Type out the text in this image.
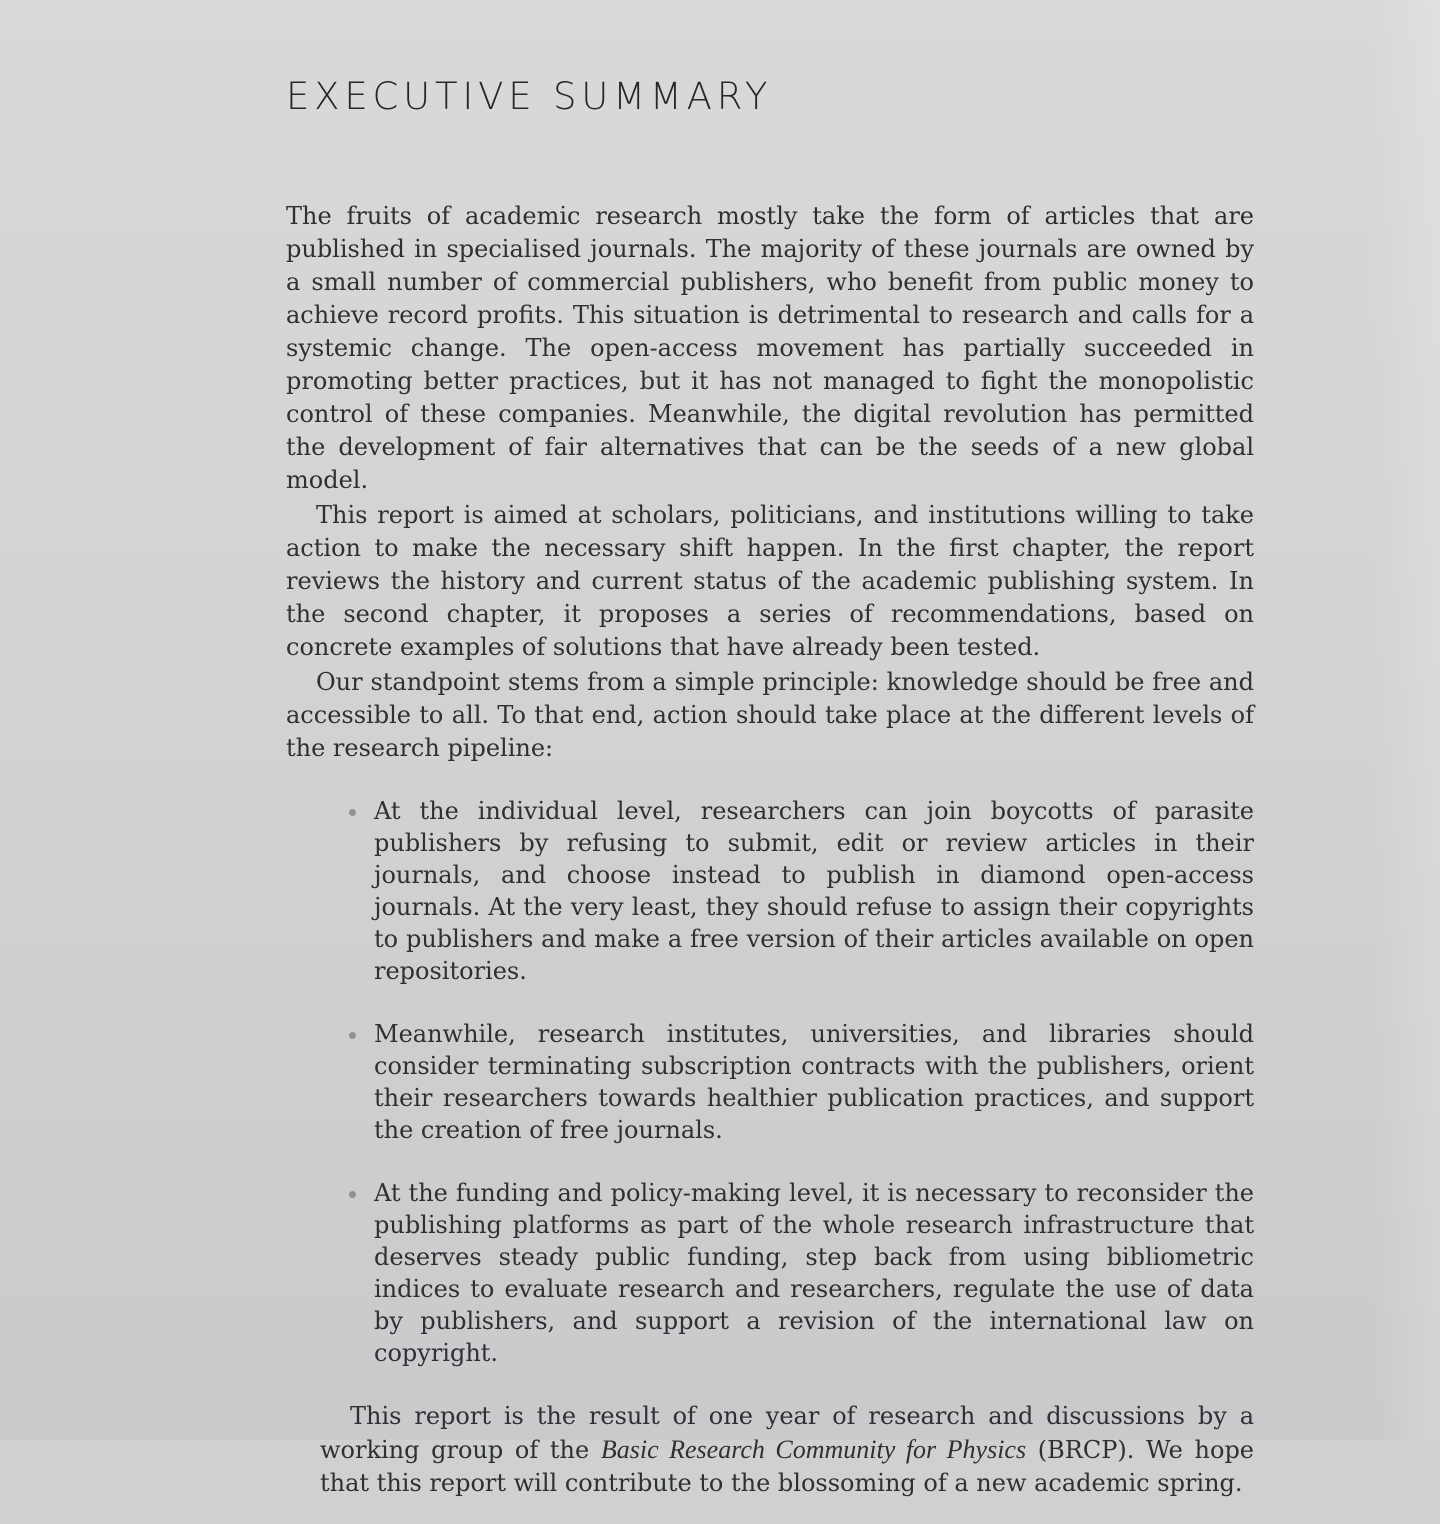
EXECUTIVE SUMMARY

The fruits of academic research mostly take the form of articles that are published in specialised journals. The majority of these journals are owned by a small number of commercial publishers, who benefit from public money to achieve record profits. This situation is detrimental to research and calls for a systemic change. The open-access movement has partially succeeded in promoting better practices, but it has not managed to fight the monopolistic control of these companies. Meanwhile, the digital revolution has permitted the development of fair alternatives that can be the seeds of a new global model.

This report is aimed at scholars, politicians, and institutions willing to take action to make the necessary shift happen. In the first chapter, the report reviews the history and current status of the academic publishing system. In the second chapter, it proposes a series of recommendations, based on concrete examples of solutions that have already been tested.

Our standpoint stems from a simple principle: knowledge should be free and accessible to all. To that end, action should take place at the different levels of the research pipeline:

At the individual level, researchers can join boycotts of parasite publishers by refusing to submit, edit or review articles in their journals, and choose instead to publish in diamond open-access journals. At the very least, they should refuse to assign their copyrights to publishers and make a free version of their articles available on open repositories.
Meanwhile, research institutes, universities, and libraries should consider terminating subscription contracts with the publishers, orient their researchers towards healthier publication practices, and support the creation of free journals.
At the funding and policy-making level, it is necessary to reconsider the publishing platforms as part of the whole research infrastructure that deserves steady public funding, step back from using bibliometric indices to evaluate research and researchers, regulate the use of data by publishers, and support a revision of the international law on copyright.

This report is the result of one year of research and discussions by a working group of the Basic Research Community for Physics (BRCP). We hope that this report will contribute to the blossoming of a new academic spring.
